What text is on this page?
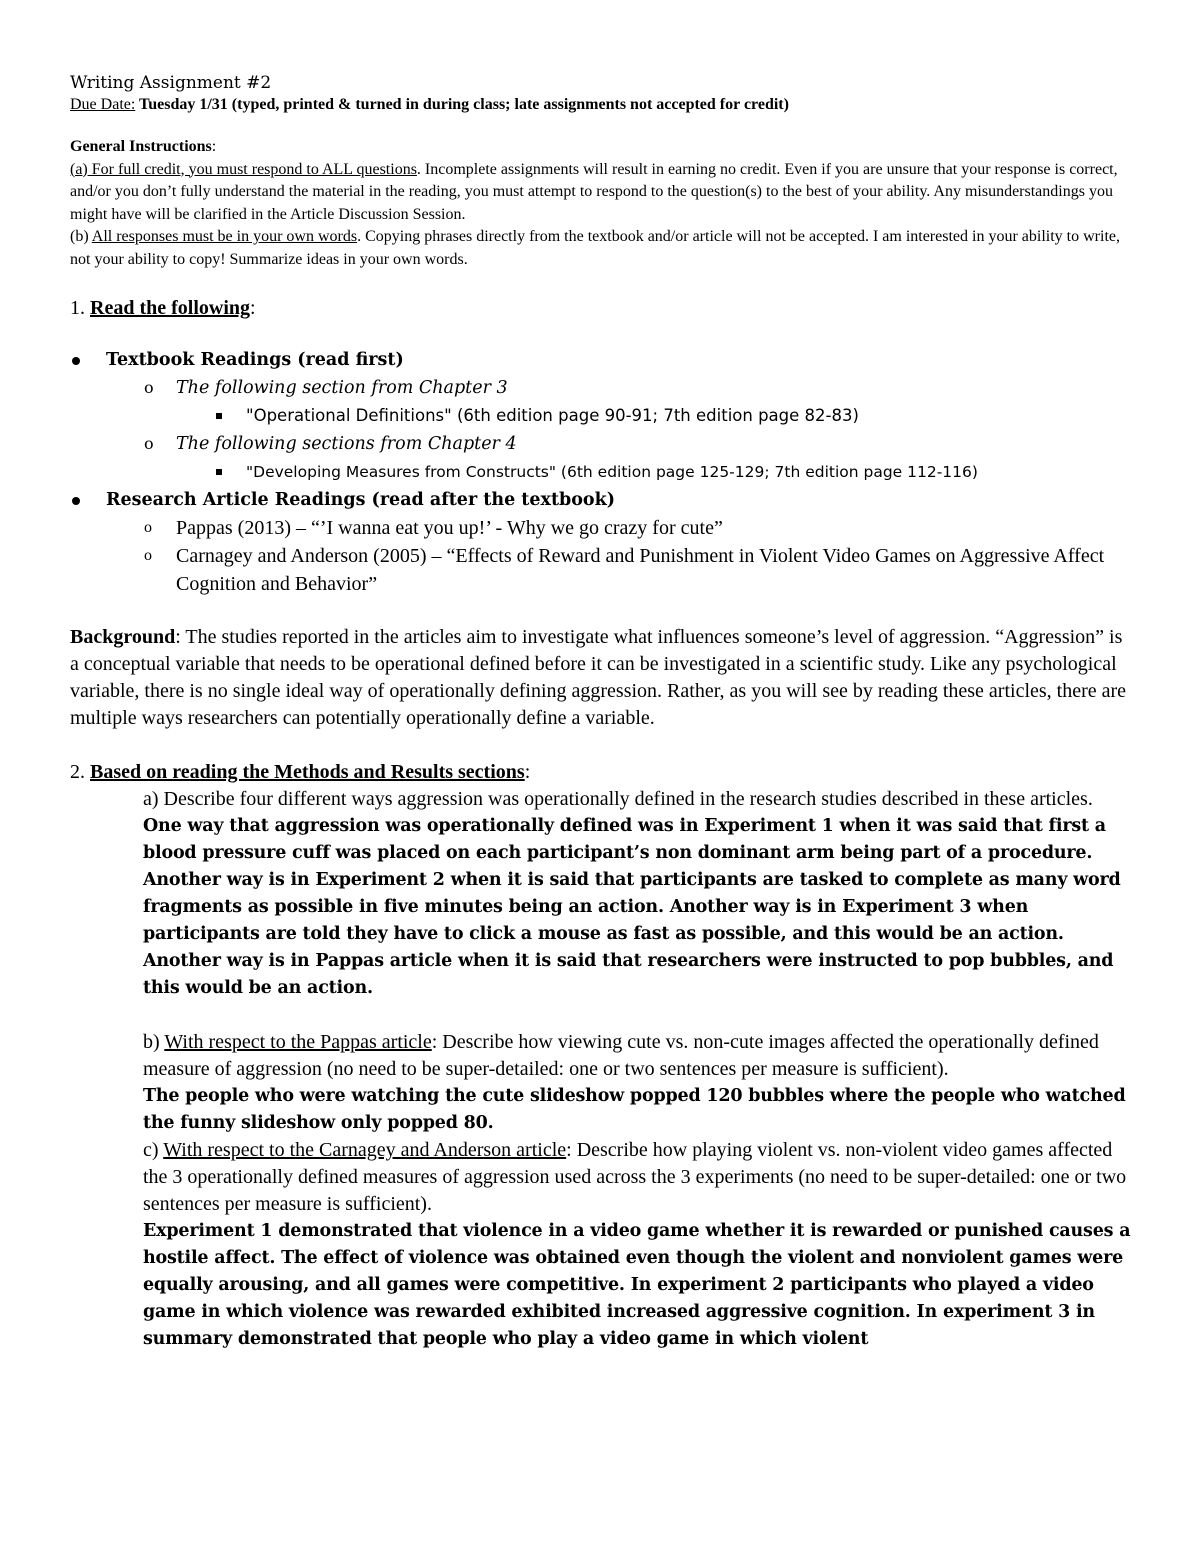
Writing Assignment #2
Due Date: Tuesday 1/31 (typed, printed & turned in during class; late assignments not accepted for credit)
General Instructions:

(a) For full credit, you must respond to ALL questions. Incomplete assignments will result in earning no credit. Even if you are unsure that your response is correct, and/or you don’t fully understand the material in the reading, you must attempt to respond to the question(s) to the best of your ability. Any misunderstandings you might have will be clarified in the Article Discussion Session.

(b) All responses must be in your own words. Copying phrases directly from the textbook and/or article will not be accepted. I am interested in your ability to write, not your ability to copy! Summarize ideas in your own words.

1. Read the following:
Textbook Readings (read first)
o The following section from Chapter 3
"Operational Definitions" (6th edition page 90-91; 7th edition page 82-83)
o The following sections from Chapter 4
"Developing Measures from Constructs" (6th edition page 125-129; 7th edition page 112-116)
Research Article Readings (read after the textbook)
o Pappas (2013) – “’I wanna eat you up!’ - Why we go crazy for cute”
o Carnagey and Anderson (2005) – “Effects of Reward and Punishment in Violent Video Games on Aggressive Affect Cognition and Behavior”

Background: The studies reported in the articles aim to investigate what influences someone’s level of aggression. “Aggression” is a conceptual variable that needs to be operational defined before it can be investigated in a scientific study. Like any psychological variable, there is no single ideal way of operationally defining aggression. Rather, as you will see by reading these articles, there are multiple ways researchers can potentially operationally define a variable.

2. Based on reading the Methods and Results sections:

a) Describe four different ways aggression was operationally defined in the research studies described in these articles.

One way that aggression was operationally defined was in Experiment 1 when it was said that first a blood pressure cuff was placed on each participant’s non dominant arm being part of a procedure. Another way is in Experiment 2 when it is said that participants are tasked to complete as many word fragments as possible in five minutes being an action. Another way is in Experiment 3 when participants are told they have to click a mouse as fast as possible, and this would be an action. Another way is in Pappas article when it is said that researchers were instructed to pop bubbles, and this would be an action.

b) With respect to the Pappas article: Describe how viewing cute vs. non-cute images affected the operationally defined measure of aggression (no need to be super-detailed: one or two sentences per measure is sufficient).

The people who were watching the cute slideshow popped 120 bubbles where the people who watched the funny slideshow only popped 80.

c) With respect to the Carnagey and Anderson article: Describe how playing violent vs. non-violent video games affected the 3 operationally defined measures of aggression used across the 3 experiments (no need to be super-detailed: one or two sentences per measure is sufficient).

Experiment 1 demonstrated that violence in a video game whether it is rewarded or punished causes a hostile affect. The effect of violence was obtained even though the violent and nonviolent games were equally arousing, and all games were competitive. In experiment 2 participants who played a video game in which violence was rewarded exhibited increased aggressive cognition. In experiment 3 in summary demonstrated that people who play a video game in which violent
